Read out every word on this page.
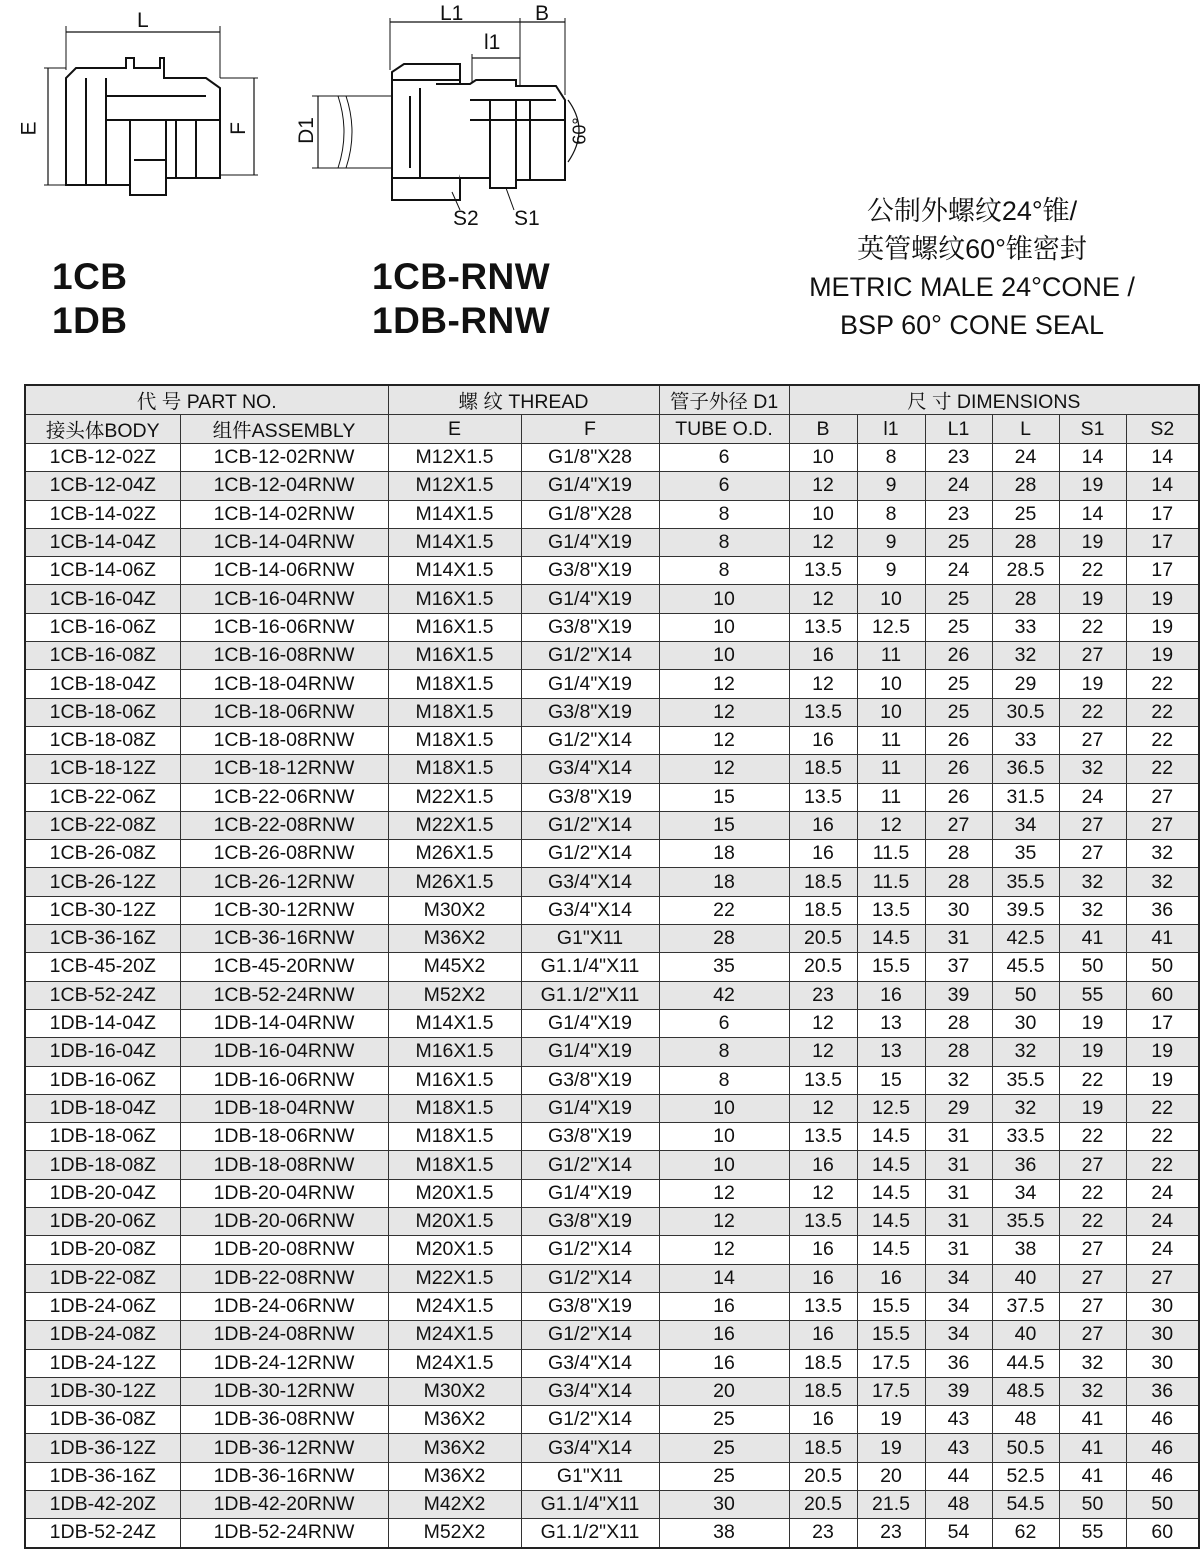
L
E	F
L1	B
l1
D1	60°
S2 S1
1CB
1DB
1CB-RNW
1DB-RNW
公制外螺纹24°锥/
英管螺纹60°锥密封
METRIC MALE 24°CONE /
BSP 60° CONE SEAL
代 号 PART NO.		螺 纹 THREAD		管子外径 D1	尺 寸 DIMENSIONS					
接头体BODY	组件ASSEMBLY	E	F	TUBE O.D.	B	l1	L1	L	S1	S2
1CB-12-02Z	1CB-12-02RNW	M12X1.5	G1/8"X28	6	10	8	23	24	14	14
1CB-12-04Z	1CB-12-04RNW	M12X1.5	G1/4"X19	6	12	9	24	28	19	14
1CB-14-02Z	1CB-14-02RNW	M14X1.5	G1/8"X28	8	10	8	23	25	14	17
1CB-14-04Z	1CB-14-04RNW	M14X1.5	G1/4"X19	8	12	9	25	28	19	17
1CB-14-06Z	1CB-14-06RNW	M14X1.5	G3/8"X19	8	13.5	9	24	28.5	22	17
1CB-16-04Z	1CB-16-04RNW	M16X1.5	G1/4"X19	10	12	10	25	28	19	19
1CB-16-06Z	1CB-16-06RNW	M16X1.5	G3/8"X19	10	13.5	12.5	25	33	22	19
1CB-16-08Z	1CB-16-08RNW	M16X1.5	G1/2"X14	10	16	11	26	32	27	19
1CB-18-04Z	1CB-18-04RNW	M18X1.5	G1/4"X19	12	12	10	25	29	19	22
1CB-18-06Z	1CB-18-06RNW	M18X1.5	G3/8"X19	12	13.5	10	25	30.5	22	22
1CB-18-08Z	1CB-18-08RNW	M18X1.5	G1/2"X14	12	16	11	26	33	27	22
1CB-18-12Z	1CB-18-12RNW	M18X1.5	G3/4"X14	12	18.5	11	26	36.5	32	22
1CB-22-06Z	1CB-22-06RNW	M22X1.5	G3/8"X19	15	13.5	11	26	31.5	24	27
1CB-22-08Z	1CB-22-08RNW	M22X1.5	G1/2"X14	15	16	12	27	34	27	27
1CB-26-08Z	1CB-26-08RNW	M26X1.5	G1/2"X14	18	16	11.5	28	35	27	32
1CB-26-12Z	1CB-26-12RNW	M26X1.5	G3/4"X14	18	18.5	11.5	28	35.5	32	32
1CB-30-12Z	1CB-30-12RNW	M30X2	G3/4"X14	22	18.5	13.5	30	39.5	32	36
1CB-36-16Z	1CB-36-16RNW	M36X2	G1"X11	28	20.5	14.5	31	42.5	41	41
1CB-45-20Z	1CB-45-20RNW	M45X2	G1.1/4"X11	35	20.5	15.5	37	45.5	50	50
1CB-52-24Z	1CB-52-24RNW	M52X2	G1.1/2"X11	42	23	16	39	50	55	60
1DB-14-04Z	1DB-14-04RNW	M14X1.5	G1/4"X19	6	12	13	28	30	19	17
1DB-16-04Z	1DB-16-04RNW	M16X1.5	G1/4"X19	8	12	13	28	32	19	19
1DB-16-06Z	1DB-16-06RNW	M16X1.5	G3/8"X19	8	13.5	15	32	35.5	22	19
1DB-18-04Z	1DB-18-04RNW	M18X1.5	G1/4"X19	10	12	12.5	29	32	19	22
1DB-18-06Z	1DB-18-06RNW	M18X1.5	G3/8"X19	10	13.5	14.5	31	33.5	22	22
1DB-18-08Z	1DB-18-08RNW	M18X1.5	G1/2"X14	10	16	14.5	31	36	27	22
1DB-20-04Z	1DB-20-04RNW	M20X1.5	G1/4"X19	12	12	14.5	31	34	22	24
1DB-20-06Z	1DB-20-06RNW	M20X1.5	G3/8"X19	12	13.5	14.5	31	35.5	22	24
1DB-20-08Z	1DB-20-08RNW	M20X1.5	G1/2"X14	12	16	14.5	31	38	27	24
1DB-22-08Z	1DB-22-08RNW	M22X1.5	G1/2"X14	14	16	16	34	40	27	27
1DB-24-06Z	1DB-24-06RNW	M24X1.5	G3/8"X19	16	13.5	15.5	34	37.5	27	30
1DB-24-08Z	1DB-24-08RNW	M24X1.5	G1/2"X14	16	16	15.5	34	40	27	30
1DB-24-12Z	1DB-24-12RNW	M24X1.5	G3/4"X14	16	18.5	17.5	36	44.5	32	30
1DB-30-12Z	1DB-30-12RNW	M30X2	G3/4"X14	20	18.5	17.5	39	48.5	32	36
1DB-36-08Z	1DB-36-08RNW	M36X2	G1/2"X14	25	16	19	43	48	41	46
1DB-36-12Z	1DB-36-12RNW	M36X2	G3/4"X14	25	18.5	19	43	50.5	41	46
1DB-36-16Z	1DB-36-16RNW	M36X2	G1"X11	25	20.5	20	44	52.5	41	46
1DB-42-20Z	1DB-42-20RNW	M42X2	G1.1/4"X11	30	20.5	21.5	48	54.5	50	50
1DB-52-24Z	1DB-52-24RNW	M52X2	G1.1/2"X11	38	23	23	54	62	55	60
